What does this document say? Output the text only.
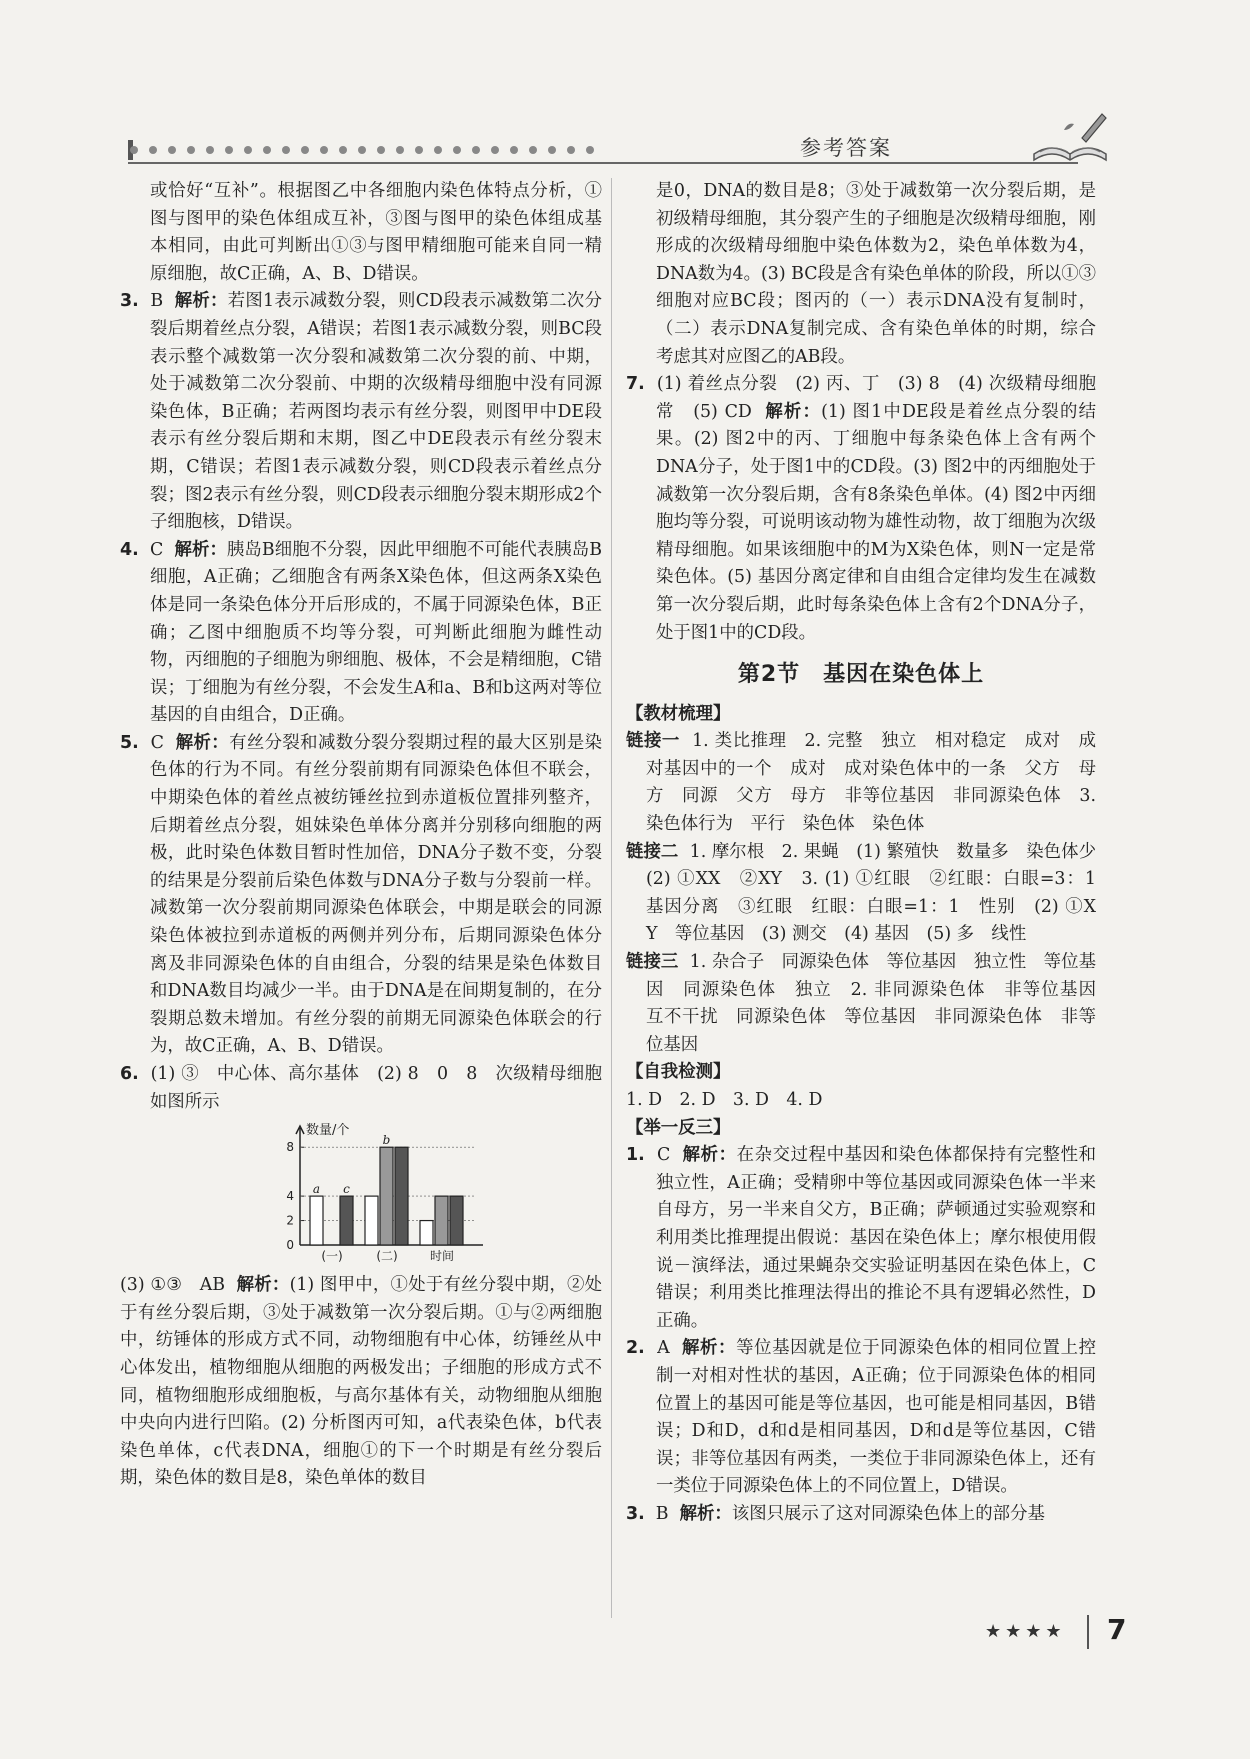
参考答案

或恰好“互补”。根据图乙中各细胞内染色体特点分析，①图与图甲的染色体组成互补，③图与图甲的染色体组成基本相同，由此可判断出①③与图甲精细胞可能来自同一精原细胞，故C正确，A、B、D错误。

3. B 解析：若图1表示减数分裂，则CD段表示减数第二次分裂后期着丝点分裂，A错误；若图1表示减数分裂，则BC段表示整个减数第一次分裂和减数第二次分裂的前、中期，处于减数第二次分裂前、中期的次级精母细胞中没有同源染色体，B正确；若两图均表示有丝分裂，则图甲中DE段表示有丝分裂后期和末期，图乙中DE段表示有丝分裂末期，C错误；若图1表示减数分裂，则CD段表示着丝点分裂；图2表示有丝分裂，则CD段表示细胞分裂末期形成2个子细胞核，D错误。

4. C 解析：胰岛B细胞不分裂，因此甲细胞不可能代表胰岛B细胞，A正确；乙细胞含有两条X染色体，但这两条X染色体是同一条染色体分开后形成的，不属于同源染色体，B正确；乙图中细胞质不均等分裂，可判断此细胞为雌性动物，丙细胞的子细胞为卵细胞、极体，不会是精细胞，C错误；丁细胞为有丝分裂，不会发生A和a、B和b这两对等位基因的自由组合，D正确。

5. C 解析：有丝分裂和减数分裂分裂期过程的最大区别是染色体的行为不同。有丝分裂前期有同源染色体但不联会，中期染色体的着丝点被纺锤丝拉到赤道板位置排列整齐，后期着丝点分裂，姐妹染色单体分离并分别移向细胞的两极，此时染色体数目暂时性加倍，DNA分子数不变，分裂的结果是分裂前后染色体数与DNA分子数与分裂前一样。减数第一次分裂前期同源染色体联会，中期是联会的同源染色体被拉到赤道板的两侧并列分布，后期同源染色体分离及非同源染色体的自由组合，分裂的结果是染色体数目和DNA数目均减少一半。由于DNA是在间期复制的，在分裂期总数未增加。有丝分裂的前期无同源染色体联会的行为，故C正确，A、B、D错误。

6. (1) ③　中心体、高尔基体　(2) 8　0　8　次级精母细胞　如图所示

数量/个
2
4
8
0
(一)	(二)
a c
b
时间

(3) ①③　AB 解析：(1) 图甲中，①处于有丝分裂中期，②处于有丝分裂后期，③处于减数第一次分裂后期。①与②两细胞中，纺锤体的形成方式不同，动物细胞有中心体，纺锤丝从中心体发出，植物细胞从细胞的两极发出；子细胞的形成方式不同，植物细胞形成细胞板，与高尔基体有关，动物细胞从细胞中央向内进行凹陷。(2) 分析图丙可知，a代表染色体，b代表染色单体，c代表DNA，细胞①的下一个时期是有丝分裂后期，染色体的数目是8，染色单体的数目

是0，DNA的数目是8；③处于减数第一次分裂后期，是初级精母细胞，其分裂产生的子细胞是次级精母细胞，刚形成的次级精母细胞中染色体数为2，染色单体数为4，DNA数为4。(3) BC段是含有染色单体的阶段，所以①③细胞对应BC段；图丙的（一）表示DNA没有复制时，（二）表示DNA复制完成、含有染色单体的时期，综合考虑其对应图乙的AB段。

7. (1) 着丝点分裂　(2) 丙、丁　(3) 8　(4) 次级精母细胞　常　(5) CD 解析：(1) 图1中DE段是着丝点分裂的结果。(2) 图2中的丙、丁细胞中每条染色体上含有两个DNA分子，处于图1中的CD段。(3) 图2中的丙细胞处于减数第一次分裂后期，含有8条染色单体。(4) 图2中丙细胞均等分裂，可说明该动物为雄性动物，故丁细胞为次级精母细胞。如果该细胞中的M为X染色体，则N一定是常染色体。(5) 基因分离定律和自由组合定律均发生在减数第一次分裂后期，此时每条染色体上含有2个DNA分子，处于图1中的CD段。

第2节　基因在染色体上

【教材梳理】

链接一 1. 类比推理　2. 完整　独立　相对稳定　成对　成对基因中的一个　成对　成对染色体中的一条　父方　母方　同源　父方　母方　非等位基因　非同源染色体　3. 染色体行为　平行　染色体　染色体

链接二 1. 摩尔根　2. 果蝇　(1) 繁殖快　数量多　染色体少　(2) ①XX　②XY　3. (1) ①红眼　②红眼：白眼=3：1　基因分离　③红眼　红眼：白眼=1：1　性别　(2) ①X　Y　等位基因　(3) 测交　(4) 基因　(5) 多　线性

链接三 1. 杂合子　同源染色体　等位基因　独立性　等位基因　同源染色体　独立　2. 非同源染色体　非等位基因　互不干扰　同源染色体　等位基因　非同源染色体　非等位基因

【自我检测】

1. D　2. D　3. D　4. D

【举一反三】

1. C 解析：在杂交过程中基因和染色体都保持有完整性和独立性，A正确；受精卵中等位基因或同源染色体一半来自母方，另一半来自父方，B正确；萨顿通过实验观察和利用类比推理提出假说：基因在染色体上；摩尔根使用假说－演绎法，通过果蝇杂交实验证明基因在染色体上，C错误；利用类比推理法得出的推论不具有逻辑必然性，D正确。

2. A 解析：等位基因就是位于同源染色体的相同位置上控制一对相对性状的基因，A正确；位于同源染色体的相同位置上的基因可能是等位基因，也可能是相同基因，B错误；D和D，d和d是相同基因，D和d是等位基因，C错误；非等位基因有两类，一类位于非同源染色体上，还有一类位于同源染色体上的不同位置上，D错误。

3. B 解析：该图只展示了这对同源染色体上的部分基

★★★★ 7
